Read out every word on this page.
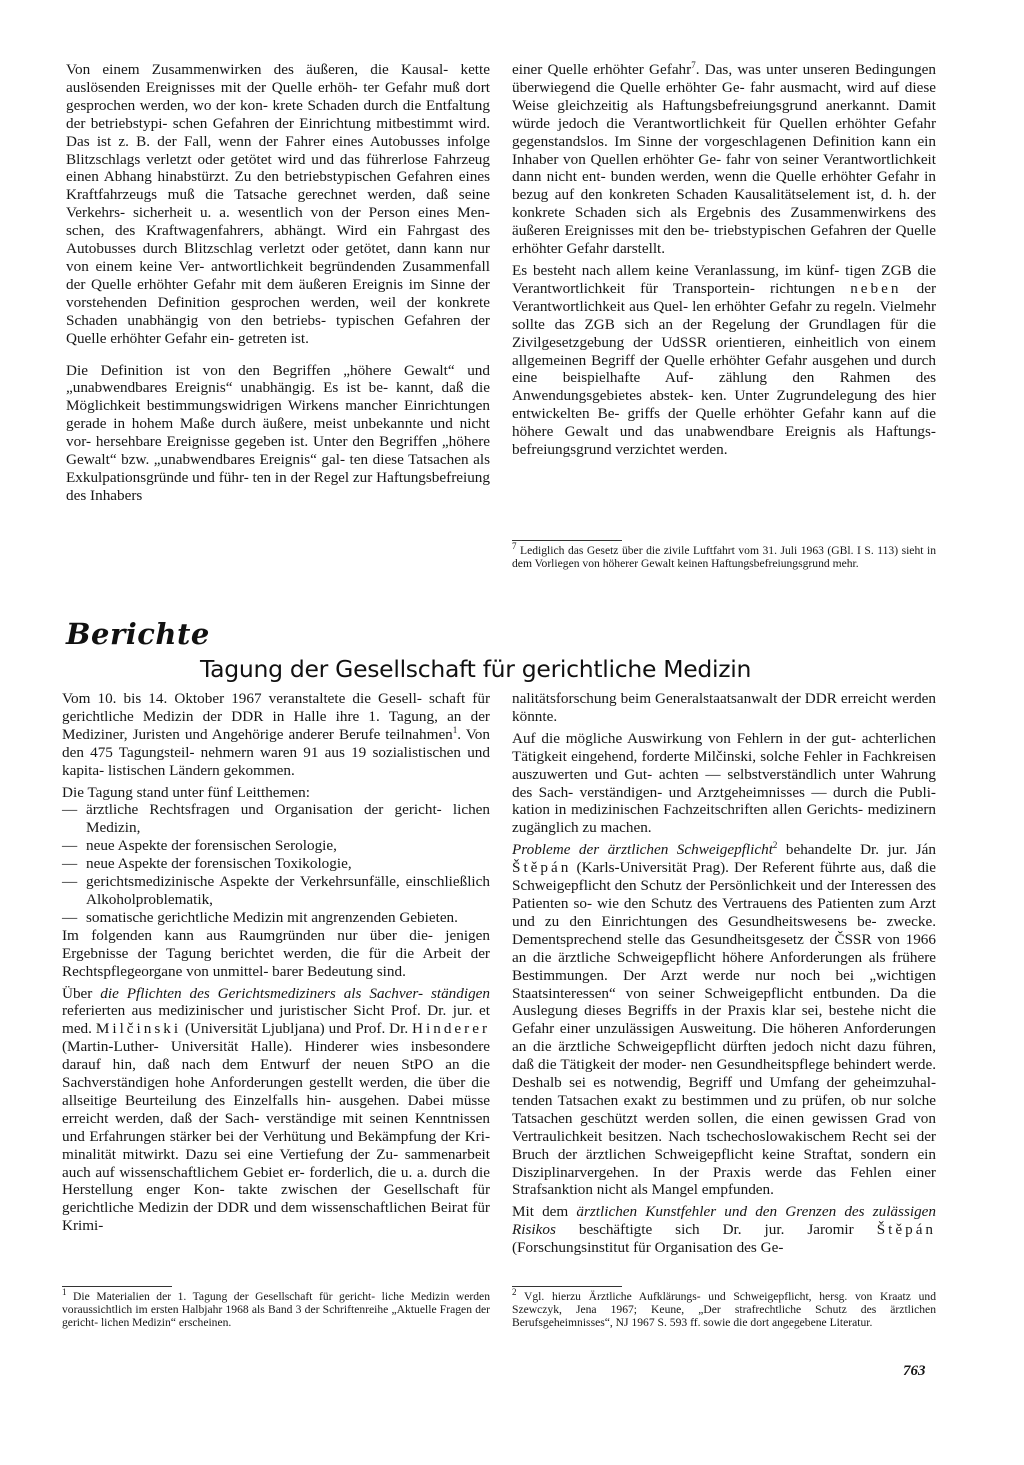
Von einem Zusammenwirken des äußeren, die Kausal- kette auslösenden Ereignisses mit der Quelle erhöh- ter Gefahr muß dort gesprochen werden, wo der kon- krete Schaden durch die Entfaltung der betriebstypi- schen Gefahren der Einrichtung mitbestimmt wird. Das ist z. B. der Fall, wenn der Fahrer eines Autobusses infolge Blitzschlags verletzt oder getötet wird und das führerlose Fahrzeug einen Abhang hinabstürzt. Zu den betriebstypischen Gefahren eines Kraftfahrzeugs muß die Tatsache gerechnet werden, daß seine Verkehrs- sicherheit u. a. wesentlich von der Person eines Men- schen, des Kraftwagenfahrers, abhängt. Wird ein Fahrgast des Autobusses durch Blitzschlag verletzt oder getötet, dann kann nur von einem keine Ver- antwortlichkeit begründenden Zusammenfall der Quelle erhöhter Gefahr mit dem äußeren Ereignis im Sinne der vorstehenden Definition gesprochen werden, weil der konkrete Schaden unabhängig von den betriebs- typischen Gefahren der Quelle erhöhter Gefahr ein- getreten ist.

Die Definition ist von den Begriffen „höhere Gewalt“ und „unabwendbares Ereignis“ unabhängig. Es ist be- kannt, daß die Möglichkeit bestimmungswidrigen Wirkens mancher Einrichtungen gerade in hohem Maße durch äußere, meist unbekannte und nicht vor- hersehbare Ereignisse gegeben ist. Unter den Begriffen „höhere Gewalt“ bzw. „unabwendbares Ereignis“ gal- ten diese Tatsachen als Exkulpationsgründe und führ- ten in der Regel zur Haftungsbefreiung des Inhabers

einer Quelle erhöhter Gefahr$^7$. Das, was unter unseren Bedingungen überwiegend die Quelle erhöhter Ge- fahr ausmacht, wird auf diese Weise gleichzeitig als Haftungsbefreiungsgrund anerkannt. Damit würde jedoch die Verantwortlichkeit für Quellen erhöhter Gefahr gegenstandslos. Im Sinne der vorgeschlagenen Definition kann ein Inhaber von Quellen erhöhter Ge- fahr von seiner Verantwortlichkeit dann nicht ent- bunden werden, wenn die Quelle erhöhter Gefahr in bezug auf den konkreten Schaden Kausalitätselement ist, d. h. der konkrete Schaden sich als Ergebnis des Zusammenwirkens des äußeren Ereignisses mit den be- triebstypischen Gefahren der Quelle erhöhter Gefahr darstellt.

Es besteht nach allem keine Veranlassung, im künf- tigen ZGB die Verantwortlichkeit für Transportein- richtungen neben der Verantwortlichkeit aus Quel- len erhöhter Gefahr zu regeln. Vielmehr sollte das ZGB sich an der Regelung der Grundlagen für die Zivilgesetzgebung der UdSSR orientieren, einheitlich von einem allgemeinen Begriff der Quelle erhöhter Gefahr ausgehen und durch eine beispielhafte Auf- zählung den Rahmen des Anwendungsgebietes abstek- ken. Unter Zugrundelegung des hier entwickelten Be- griffs der Quelle erhöhter Gefahr kann auf die höhere Gewalt und das unabwendbare Ereignis als Haftungs- befreiungsgrund verzichtet werden.

$^7$ Lediglich das Gesetz über die zivile Luftfahrt vom 31. Juli 1963 (GBl. I S. 113) sieht in dem Vorliegen von höherer Gewalt keinen Haftungsbefreiungsgrund mehr.
Berichte
Tagung der Gesellschaft für gerichtliche Medizin

Vom 10. bis 14. Oktober 1967 veranstaltete die Gesell- schaft für gerichtliche Medizin der DDR in Halle ihre 1. Tagung, an der Mediziner, Juristen und Angehörige anderer Berufe teilnahmen$^1$. Von den 475 Tagungsteil- nehmern waren 91 aus 19 sozialistischen und kapita- listischen Ländern gekommen.

Die Tagung stand unter fünf Leitthemen:

— ärztliche Rechtsfragen und Organisation der gericht- lichen Medizin,
— neue Aspekte der forensischen Serologie,
— neue Aspekte der forensischen Toxikologie,
— gerichtsmedizinische Aspekte der Verkehrsunfälle, einschließlich Alkoholproblematik,
— somatische gerichtliche Medizin mit angrenzenden Gebieten.

Im folgenden kann aus Raumgründen nur über die- jenigen Ergebnisse der Tagung berichtet werden, die für die Arbeit der Rechtspflegeorgane von unmittel- barer Bedeutung sind.

Über die Pflichten des Gerichtsmediziners als Sachver- ständigen referierten aus medizinischer und juristischer Sicht Prof. Dr. jur. et med. Milčinski (Universität Ljubljana) und Prof. Dr. Hinderer (Martin-Luther- Universität Halle). Hinderer wies insbesondere darauf hin, daß nach dem Entwurf der neuen StPO an die Sachverständigen hohe Anforderungen gestellt werden, die über die allseitige Beurteilung des Einzelfalls hin- ausgehen. Dabei müsse erreicht werden, daß der Sach- verständige mit seinen Kenntnissen und Erfahrungen stärker bei der Verhütung und Bekämpfung der Kri- minalität mitwirkt. Dazu sei eine Vertiefung der Zu- sammenarbeit auch auf wissenschaftlichem Gebiet er- forderlich, die u. a. durch die Herstellung enger Kon- takte zwischen der Gesellschaft für gerichtliche Medizin der DDR und dem wissenschaftlichen Beirat für Krimi-

$^1$ Die Materialien der 1. Tagung der Gesellschaft für gericht- liche Medizin werden voraussichtlich im ersten Halbjahr 1968 als Band 3 der Schriftenreihe „Aktuelle Fragen der gericht- lichen Medizin“ erscheinen.

nalitätsforschung beim Generalstaatsanwalt der DDR erreicht werden könnte.

Auf die mögliche Auswirkung von Fehlern in der gut- achterlichen Tätigkeit eingehend, forderte Milčinski, solche Fehler in Fachkreisen auszuwerten und Gut- achten — selbstverständlich unter Wahrung des Sach- verständigen- und Arztgeheimnisses — durch die Publi- kation in medizinischen Fachzeitschriften allen Gerichts- medizinern zugänglich zu machen.

Probleme der ärztlichen Schweigepflicht$^2$ behandelte Dr. jur. Ján Štěpán (Karls-Universität Prag). Der Referent führte aus, daß die Schweigepflicht den Schutz der Persönlichkeit und der Interessen des Patienten so- wie den Schutz des Vertrauens des Patienten zum Arzt und zu den Einrichtungen des Gesundheitswesens be- zwecke. Dementsprechend stelle das Gesundheitsgesetz der ČSSR von 1966 an die ärztliche Schweigepflicht höhere Anforderungen als frühere Bestimmungen. Der Arzt werde nur noch bei „wichtigen Staatsinteressen“ von seiner Schweigepflicht entbunden. Da die Auslegung dieses Begriffs in der Praxis klar sei, bestehe nicht die Gefahr einer unzulässigen Ausweitung. Die höheren Anforderungen an die ärztliche Schweigepflicht dürften jedoch nicht dazu führen, daß die Tätigkeit der moder- nen Gesundheitspflege behindert werde. Deshalb sei es notwendig, Begriff und Umfang der geheimzuhal- tenden Tatsachen exakt zu bestimmen und zu prüfen, ob nur solche Tatsachen geschützt werden sollen, die einen gewissen Grad von Vertraulichkeit besitzen. Nach tschechoslowakischem Recht sei der Bruch der ärztlichen Schweigepflicht keine Straftat, sondern ein Disziplinarvergehen. In der Praxis werde das Fehlen einer Strafsanktion nicht als Mangel empfunden.

Mit dem ärztlichen Kunstfehler und den Grenzen des zulässigen Risikos beschäftigte sich Dr. jur. Jaromir Štěpán (Forschungsinstitut für Organisation des Ge-

$^2$ Vgl. hierzu Ärztliche Aufklärungs- und Schweigepflicht, hersg. von Kraatz und Szewczyk, Jena 1967; Keune, „Der strafrechtliche Schutz des ärztlichen Berufsgeheimnisses“, NJ 1967 S. 593 ff. sowie die dort angegebene Literatur.
763
